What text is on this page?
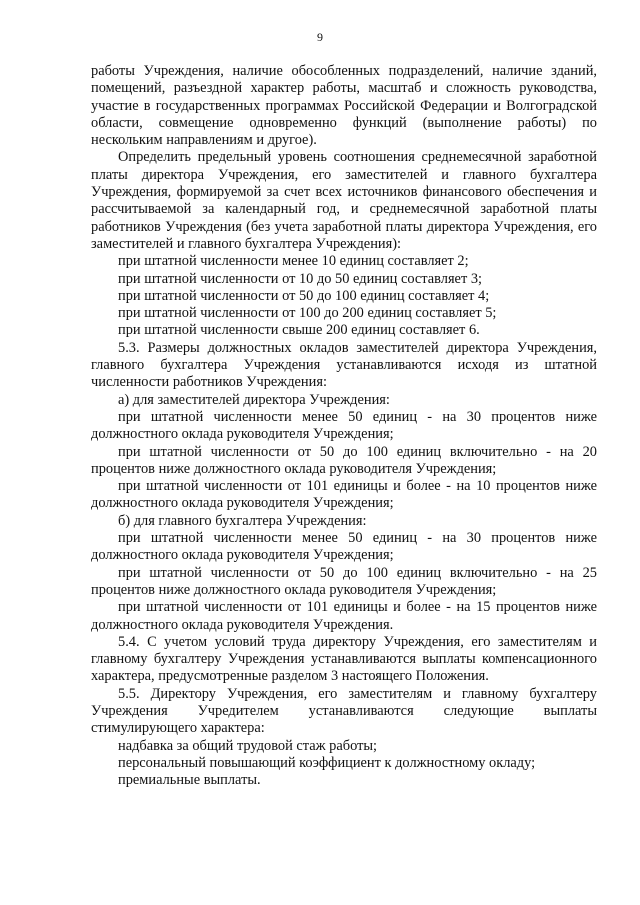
9

работы Учреждения, наличие обособленных подразделений, наличие зданий, помещений, разъездной характер работы, масштаб и сложность руководства, участие в государственных программах Российской Федерации и Волгоградской области, совмещение одновременно функций (выполнение работы) по нескольким направлениям и другое).

Определить предельный уровень соотношения среднемесячной заработной платы директора Учреждения, его заместителей и главного бухгалтера Учреждения, формируемой за счет всех источников финансового обеспечения и рассчитываемой за календарный год, и среднемесячной заработной платы работников Учреждения (без учета заработной платы директора Учреждения, его заместителей и главного бухгалтера Учреждения):

при штатной численности менее 10 единиц составляет 2;

при штатной численности от 10 до 50 единиц составляет 3;

при штатной численности от 50 до 100 единиц составляет 4;

при штатной численности от 100 до 200 единиц составляет 5;

при штатной численности свыше 200 единиц составляет 6.

5.3. Размеры должностных окладов заместителей директора Учреждения, главного бухгалтера Учреждения устанавливаются исходя из штатной численности работников Учреждения:

а) для заместителей директора Учреждения:

при штатной численности менее 50 единиц - на 30 процентов ниже должностного оклада руководителя Учреждения;

при штатной численности от 50 до 100 единиц включительно - на 20 процентов ниже должностного оклада руководителя Учреждения;

при штатной численности от 101 единицы и более - на 10 процентов ниже должностного оклада руководителя Учреждения;

б) для главного бухгалтера Учреждения:

при штатной численности менее 50 единиц - на 30 процентов ниже должностного оклада руководителя Учреждения;

при штатной численности от 50 до 100 единиц включительно - на 25 процентов ниже должностного оклада руководителя Учреждения;

при штатной численности от 101 единицы и более - на 15 процентов ниже должностного оклада руководителя Учреждения.

5.4. С учетом условий труда директору Учреждения, его заместителям и главному бухгалтеру Учреждения устанавливаются выплаты компенсационного характера, предусмотренные разделом 3 настоящего Положения.

5.5. Директору Учреждения, его заместителям и главному бухгалтеру Учреждения Учредителем устанавливаются следующие выплаты стимулирующего характера:

надбавка за общий трудовой стаж работы;

персональный повышающий коэффициент к должностному окладу;

премиальные выплаты.
